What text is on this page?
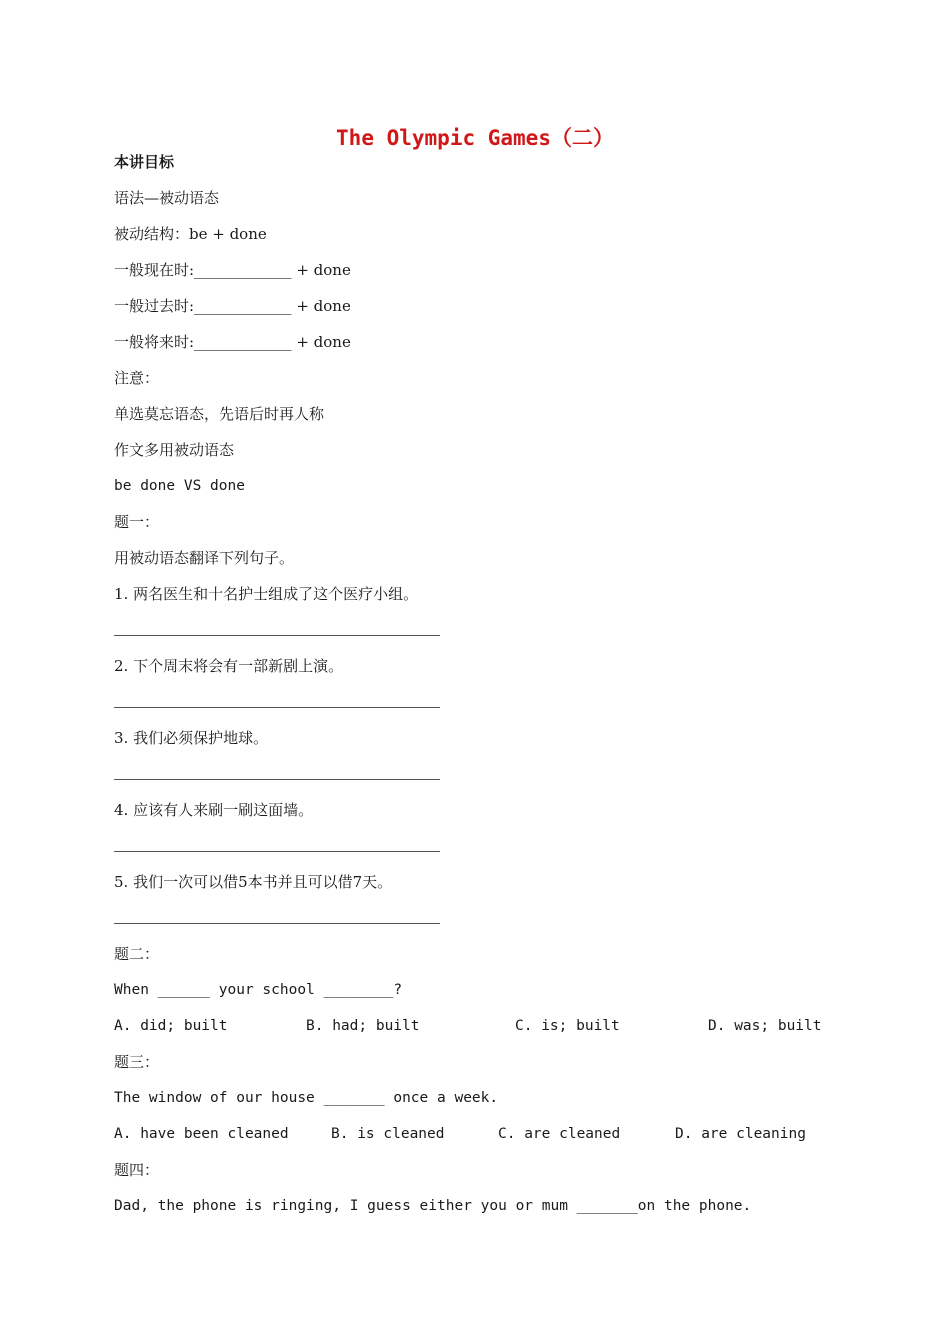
The Olympic Games（二）
本讲目标
语法—被动语态
被动结构：be + done
一般现在时:_____________ + done
一般过去时:_____________ + done
一般将来时:_____________ + done
注意：
单选莫忘语态，先语后时再人称
作文多用被动语态
be done VS done
题一：
用被动语态翻译下列句子。
1. 两名医生和十名护士组成了这个医疗小组。
2. 下个周末将会有一部新剧上演。
3. 我们必须保护地球。
4. 应该有人来刷一刷这面墙。
5. 我们一次可以借5本书并且可以借7天。
题二：
When ______ your school ________?
A. did; built	B. had; built	C. is; built	D. was; built
题三：
The window of our house _______ once a week.
A. have been cleaned	B. is cleaned	C. are cleaned	D. are cleaning
题四：
Dad, the phone is ringing, I guess either you or mum _______on the phone.
